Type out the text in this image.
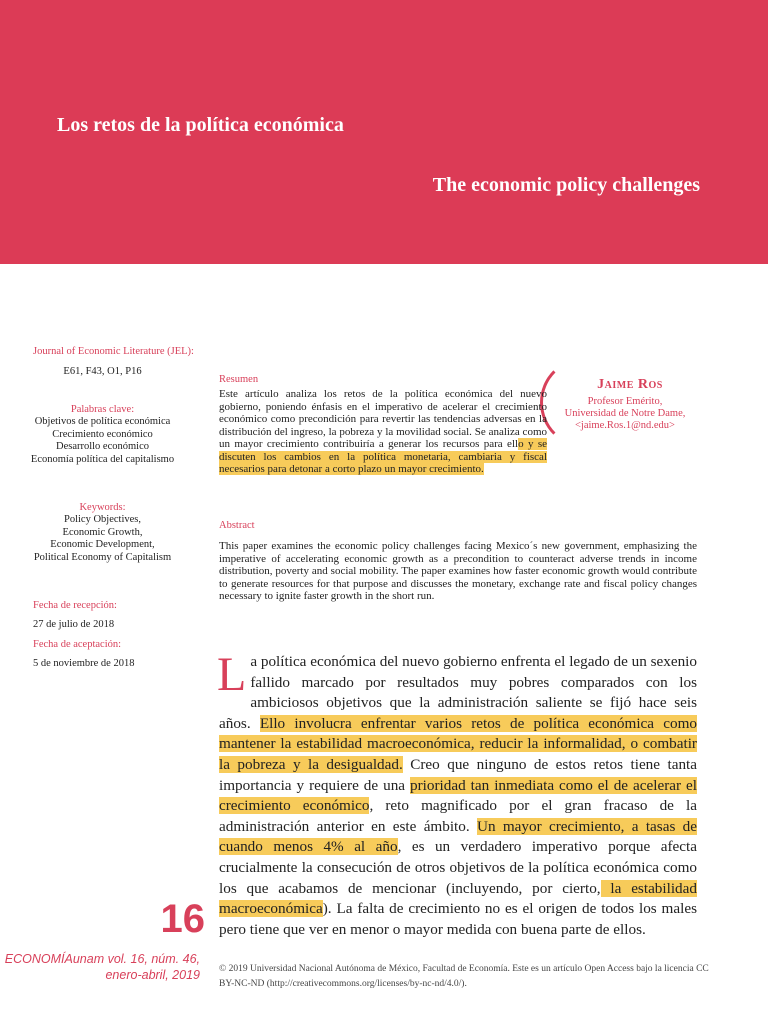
Los retos de la política económica
The economic policy challenges
Journal of Economic Literature (JEL):
E61, F43, O1, P16
Palabras clave:
Objetivos de política económica
Crecimiento económico
Desarrollo económico
Economía política del capitalismo
Keywords:
Policy Objectives,
Economic Growth,
Economic Development,
Political Economy of Capitalism
Fecha de recepción:
27 de julio de 2018
Fecha de aceptación:
5 de noviembre de 2018
Jaime Ros
Profesor Emérito,
Universidad de Notre Dame,
<jaime.Ros.1@nd.edu>
Resumen
Este artículo analiza los retos de la política económica del nuevo gobierno, poniendo énfasis en el imperativo de acelerar el crecimiento económico como precondición para revertir las tendencias adversas en la distribución del ingreso, la pobreza y la movilidad social. Se analiza como un mayor crecimiento contribuiría a generar los recursos para ello y se discuten los cambios en la política monetaria, cambiaria y fiscal necesarios para detonar a corto plazo un mayor crecimiento.
Abstract
This paper examines the economic policy challenges facing Mexico´s new government, emphasizing the imperative of accelerating economic growth as a precondition to counteract adverse trends in income distribution, poverty and social mobility. The paper examines how faster economic growth would contribute to generate resources for that purpose and discusses the monetary, exchange rate and fiscal policy changes necessary to ignite faster growth in the short run.
La política económica del nuevo gobierno enfrenta el legado de un sexenio fallido marcado por resultados muy pobres comparados con los ambiciosos objetivos que la administración saliente se fijó hace seis años. Ello involucra enfrentar varios retos de política económica como mantener la estabilidad macroeconómica, reducir la informalidad, o combatir la pobreza y la desigualdad. Creo que ninguno de estos retos tiene tanta importancia y requiere de una prioridad tan inmediata como el de acelerar el crecimiento económico, reto magnificado por el gran fracaso de la administración anterior en este ámbito. Un mayor crecimiento, a tasas de cuando menos 4% al año, es un verdadero imperativo porque afecta crucialmente la consecución de otros objetivos de la política económica como los que acabamos de mencionar (incluyendo, por cierto, la estabilidad macroeconómica). La falta de crecimiento no es el origen de todos los males pero tiene que ver en menor o mayor medida con buena parte de ellos.
16
ECONOMÍAunam vol. 16, núm. 46,
enero-abril, 2019 © 2019 Universidad Nacional Autónoma de México, Facultad de Economía. Este es un artículo Open Access bajo la licencia CC BY-NC-ND (http://creativecommons.org/licenses/by-nc-nd/4.0/).
